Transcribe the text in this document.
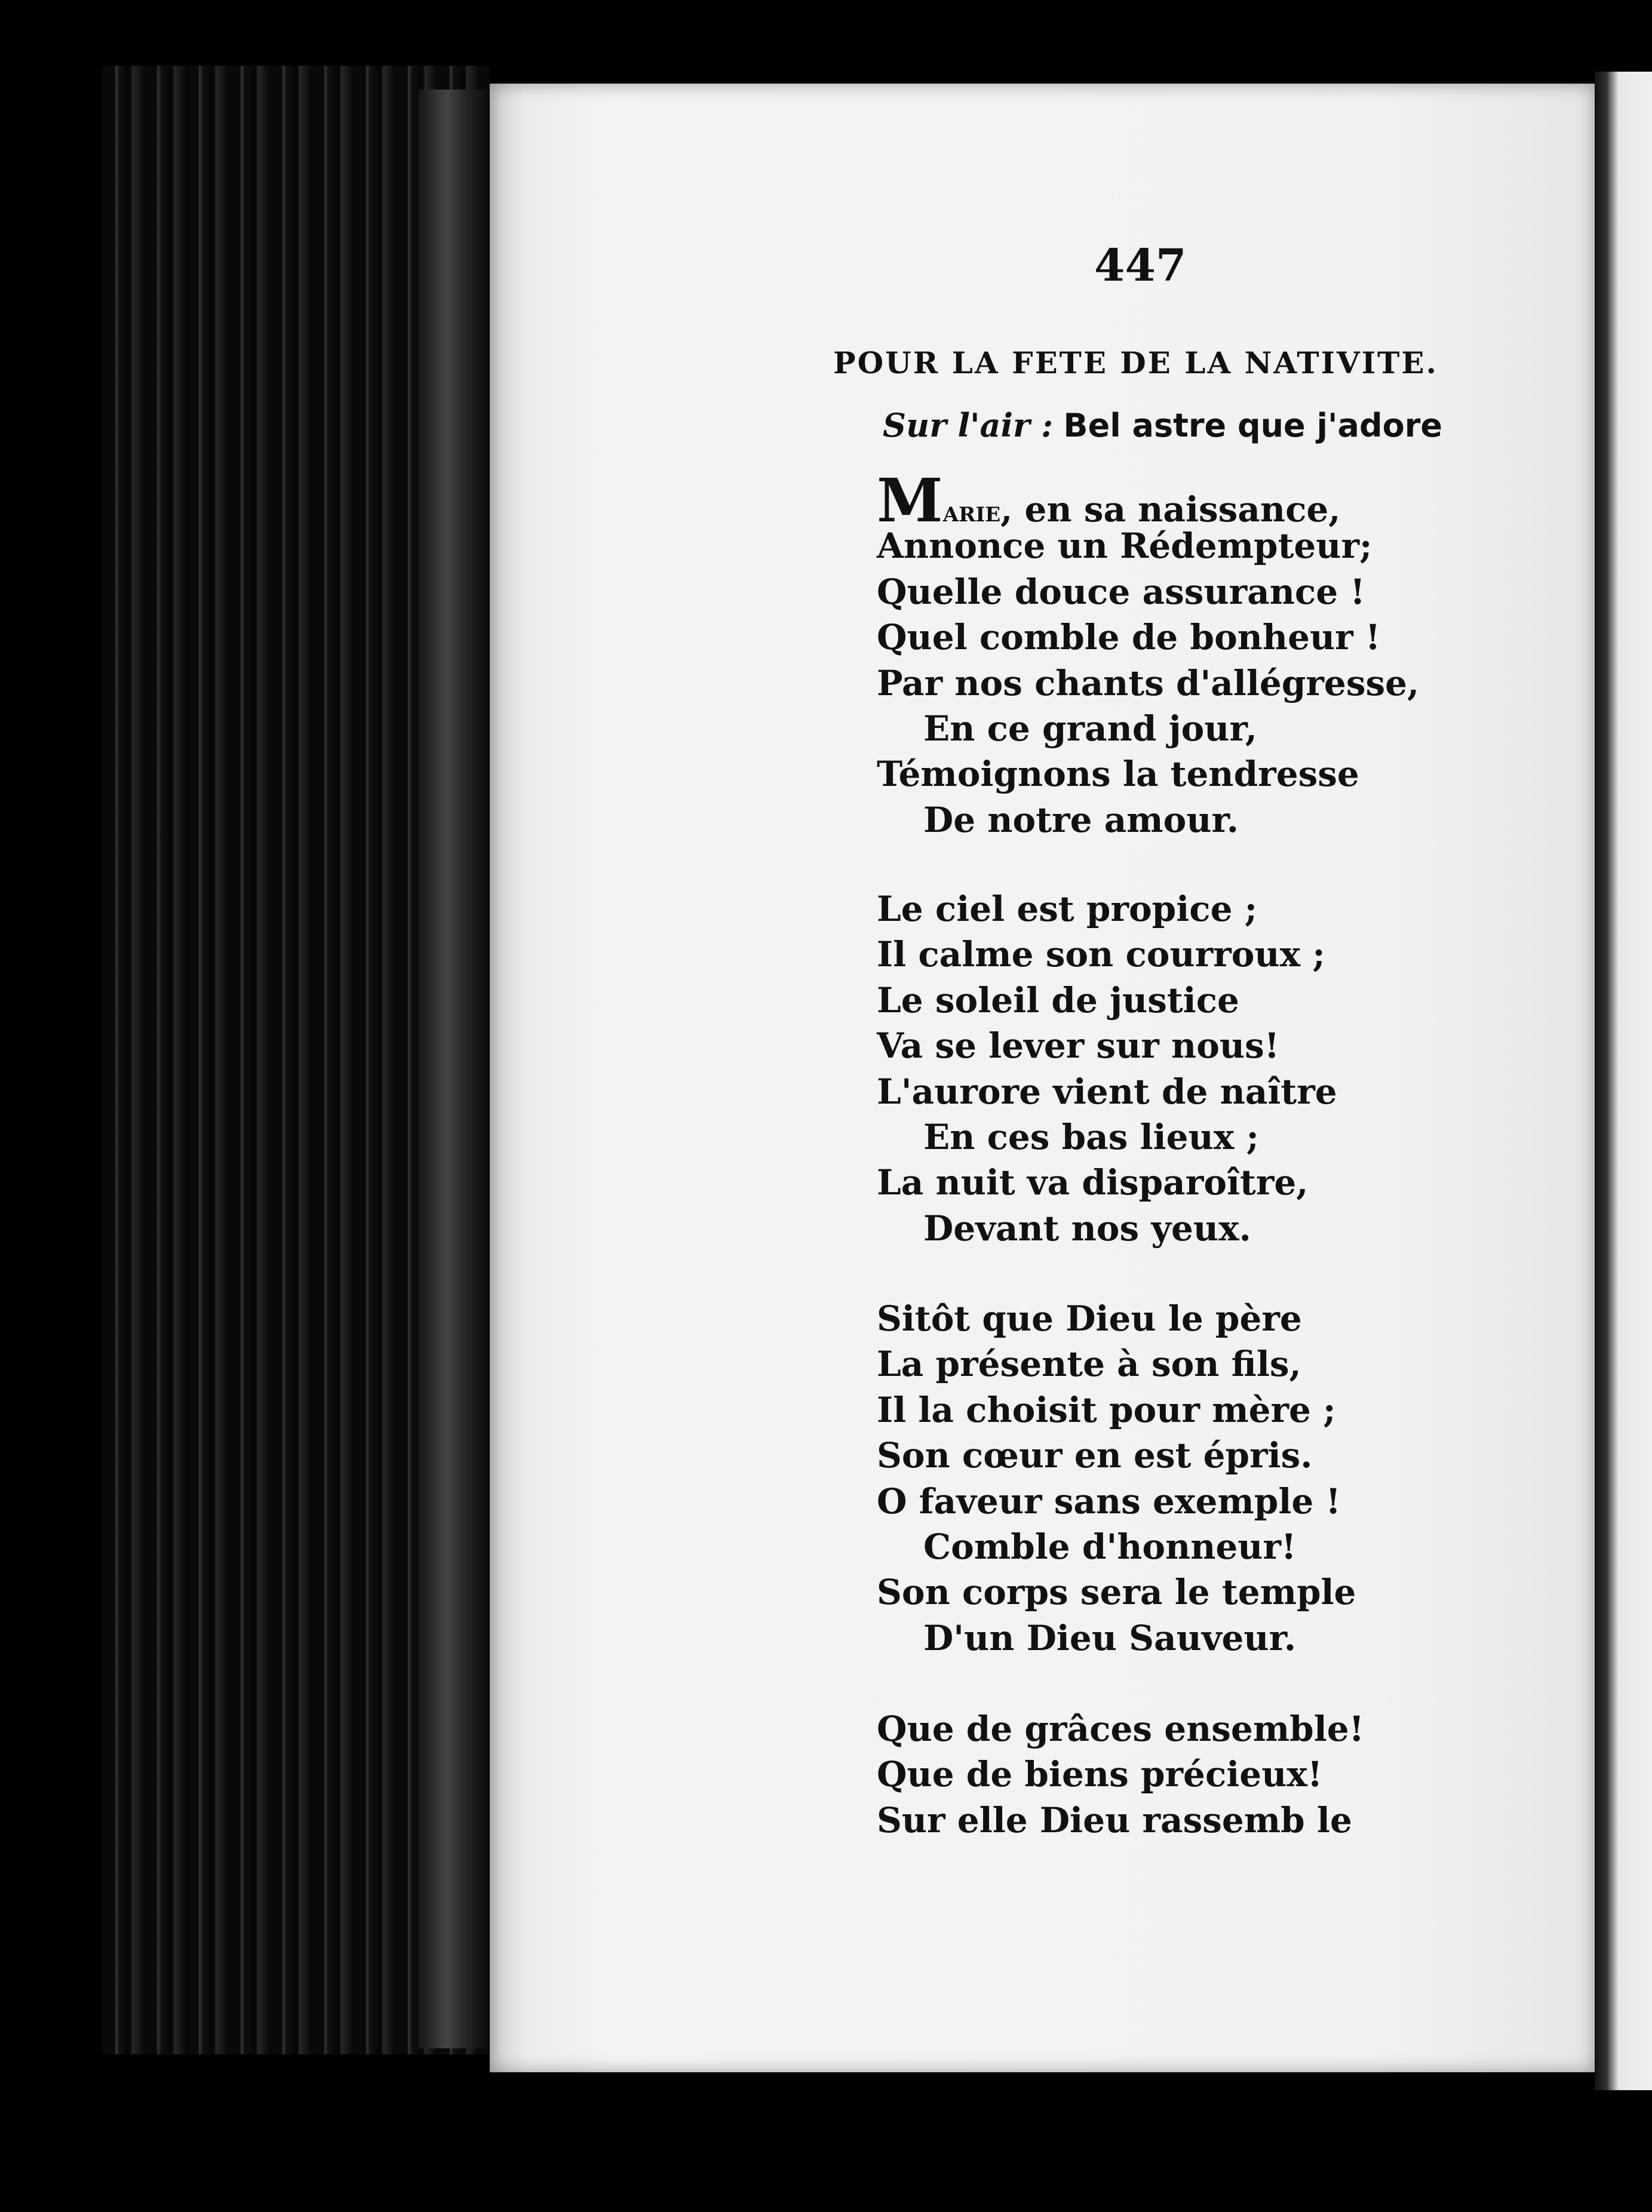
447
POUR LA FETE DE LA NATIVITE.
Sur l'air : Bel astre que j'adore
Marie, en sa naissance,
Annonce un Rédempteur;
Quelle douce assurance !
Quel comble de bonheur !
Par nos chants d'allégresse,
En ce grand jour,
Témoignons la tendresse
De notre amour.
Le ciel est propice ;
Il calme son courroux ;
Le soleil de justice
Va se lever sur nous!
L'aurore vient de naître
En ces bas lieux ;
La nuit va disparoître,
Devant nos yeux.
Sitôt que Dieu le père
La présente à son fils,
Il la choisit pour mère ;
Son cœur en est épris.
O faveur sans exemple !
Comble d'honneur!
Son corps sera le temple
D'un Dieu Sauveur.
Que de grâces ensemble!
Que de biens précieux!
Sur elle Dieu rassemb le
